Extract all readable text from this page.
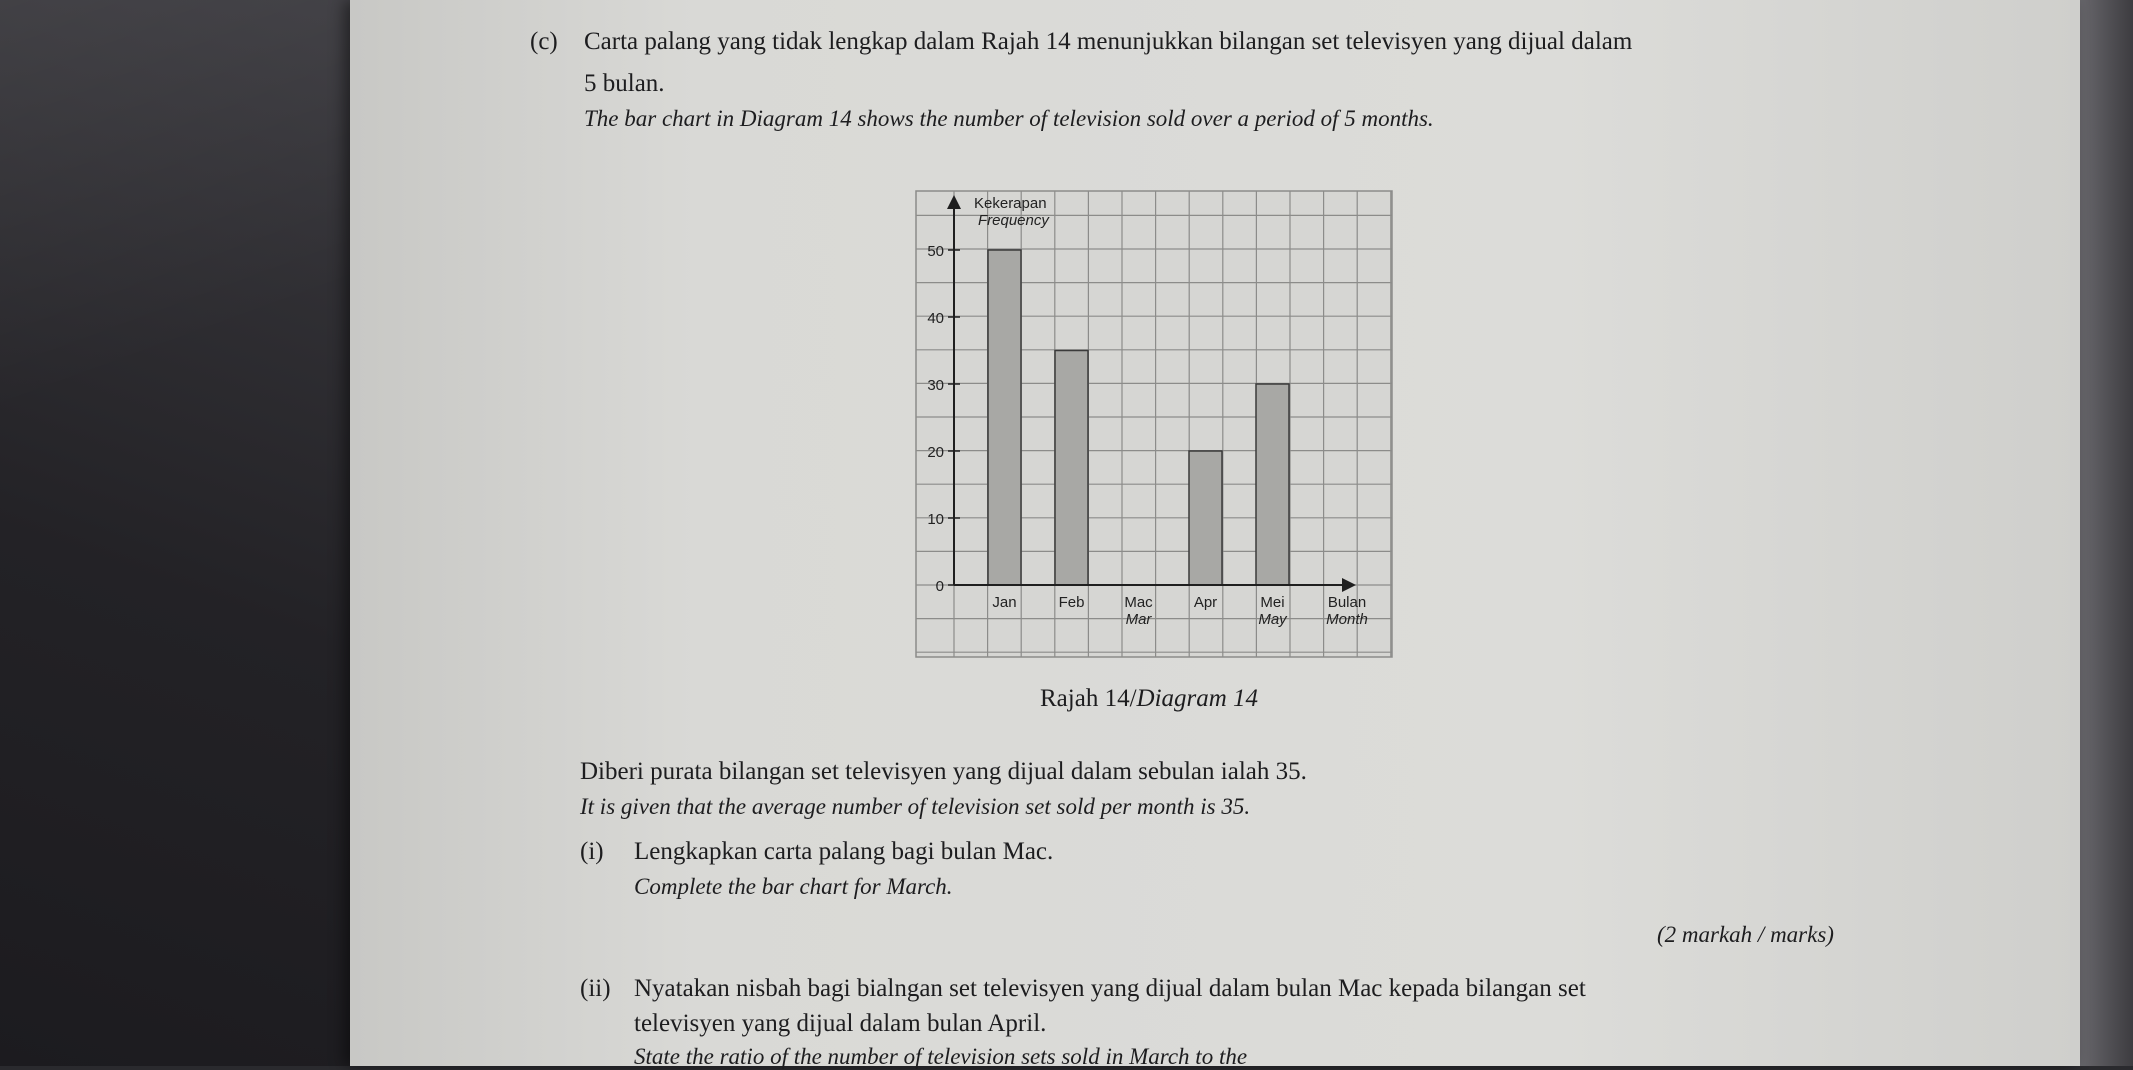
(c) Carta palang yang tidak lengkap dalam Rajah 14 menunjukkan bilangan set televisyen yang dijual dalam
5 bulan.
The bar chart in Diagram 14 shows the number of television sold over a period of 5 months.
0
10
20
30
40
50
Kekerapan
Frequency
Jan	Feb	Mac
Mar
Apr	Mei
May
Bulan
Month
Rajah 14/Diagram 14
Diberi purata bilangan set televisyen yang dijual dalam sebulan ialah 35.
It is given that the average number of television set sold per month is 35.
(i) Lengkapkan carta palang bagi bulan Mac.
Complete the bar chart for March.
(2 markah / marks)
(ii) Nyatakan nisbah bagi bialngan set televisyen yang dijual dalam bulan Mac kepada bilangan set
televisyen yang dijual dalam bulan April.
State the ratio of the number of television sets sold in March to the
